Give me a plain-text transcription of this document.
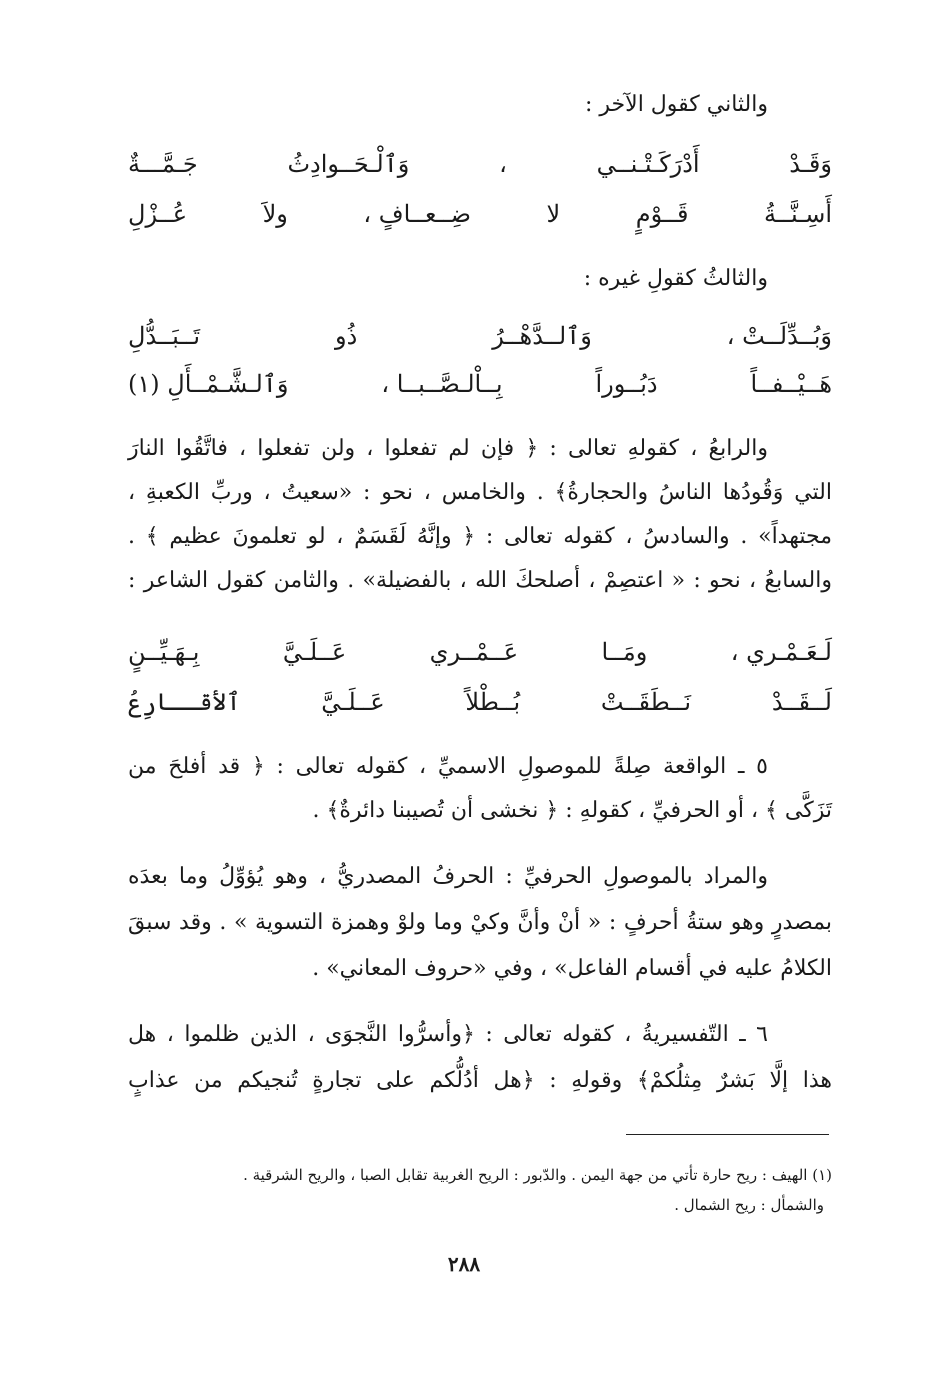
والثاني كقول الآخر :
وَقَـدْ
أَدْرَكَـتْـنــي
،
وَٱلْـحَــوادِثُ
جَـمَّـــةٌ
أَسِـنَّــةُ
قَــوْمٍ
لا
ضِــعــافٍ ،
ولاَ
عُــزْلِ
والثالثُ كقولِ غيره :
وَبُــدِّلَــتْ ،
وَٱلــدَّهْــرُ
ذُو
تَــبَــدُّلِ
هَــيْــفــاً
دَبُــوراً
بِــاْلـصَّــبــا ،
وَٱلـشَّـمْــأَلِ (١)
والرابعُ ، كقولهِ تعالى : ﴿ فإن لم تفعلوا ، ولن تفعلوا ، فاتَّقُوا النارَ
التي وَقُودُها الناسُ والحجارةُ﴾ . والخامس ، نحو : «سعيتُ ، وربِّ الكعبةِ ،
مجتهداً» . والسادسُ ، كقوله تعالى : ﴿ وإنَّهُ لَقَسَمٌ ، لو تعلمونَ عظيم ﴾ .
والسابعُ ، نحو : « اعتصِمْ ، أصلحكَ الله ، بالفضيلة» . والثامن كقول الشاعر :
لَـعَـمْـري ،
ومَــا
عَــمْــري
عَــلَـيَّ
بِـهَـيِّــنٍ
لَــقَــدْ
نَــطَقَــتْ
بُــطْلاً
عَــلَـيَّ
ٱلأقــارِعُ
٥ ـ الواقعة صِلةً للموصولِ الاسميِّ ، كقوله تعالى : ﴿ قد أفلحَ من
تَزَكَّى ﴾ ، أو الحرفيِّ ، كقولهِ : ﴿ نخشى أن تُصيبنا دائرةٌ﴾ .
والمراد بالموصولِ الحرفيِّ : الحرفُ المصدريُّ ، وهو يُؤوِّلُ وما بعدَه
بمصدرٍ وهو ستةُ أحرفٍ : « أنْ وأنَّ وكيْ وما ولوْ وهمزة التسوية » . وقد سبقَ
الكلامُ عليه في أقسام الفاعل» ، وفي «حروف المعاني» .
٦ ـ التّفسيريةُ ، كقوله تعالى : ﴿وأسرُّوا النَّجوَى ، الذين ظلموا ، هل
هذا إلَّا بَشرٌ مِثلُكمْ﴾ وقولهِ : ﴿هل أدُلُّكم على تجارةٍ تُنجيكم من عذابٍ
(١) الهيف : ريح حارة تأتي من جهة اليمن . والدّبور : الريح الغربية تقابل الصبا ، والريح الشرقية .
والشمأل : ريح الشمال .
٢٨٨
